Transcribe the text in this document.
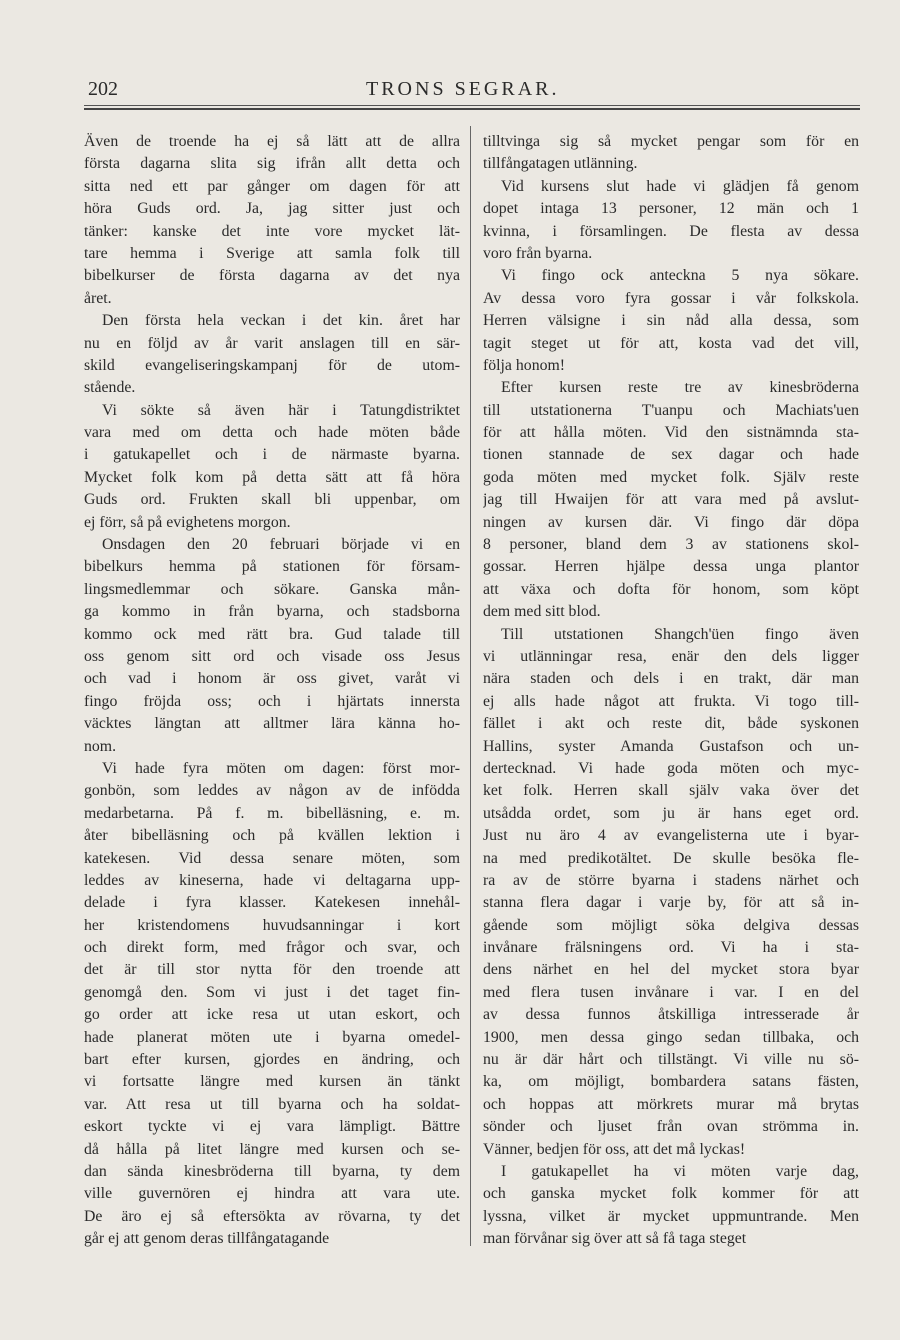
202	TRONS SEGRAR.

Även de troende ha ej så lätt att de allra
första dagarna slita sig ifrån allt detta och
sitta ned ett par gånger om dagen för att
höra Guds ord. Ja, jag sitter just och
tänker: kanske det inte vore mycket lät-
tare hemma i Sverige att samla folk till
bibelkurser de första dagarna av det nya
året.

Den första hela veckan i det kin. året har
nu en följd av år varit anslagen till en sär-
skild evangeliseringskampanj för de utom-
stående.

Vi sökte så även här i Tatungdistriktet
vara med om detta och hade möten både
i gatukapellet och i de närmaste byarna.
Mycket folk kom på detta sätt att få höra
Guds ord. Frukten skall bli uppenbar, om
ej förr, så på evighetens morgon.

Onsdagen den 20 februari började vi en
bibelkurs hemma på stationen för försam-
lingsmedlemmar och sökare. Ganska mån-
ga kommo in från byarna, och stadsborna
kommo ock med rätt bra. Gud talade till
oss genom sitt ord och visade oss Jesus
och vad i honom är oss givet, varåt vi
fingo fröjda oss; och i hjärtats innersta
väcktes längtan att alltmer lära känna ho-
nom.

Vi hade fyra möten om dagen: först mor-
gonbön, som leddes av någon av de infödda
medarbetarna. På f. m. bibelläsning, e. m.
åter bibelläsning och på kvällen lektion i
katekesen. Vid dessa senare möten, som
leddes av kineserna, hade vi deltagarna upp-
delade i fyra klasser. Katekesen innehål-
her kristendomens huvudsanningar i kort
och direkt form, med frågor och svar, och
det är till stor nytta för den troende att
genomgå den. Som vi just i det taget fin-
go order att icke resa ut utan eskort, och
hade planerat möten ute i byarna omedel-
bart efter kursen, gjordes en ändring, och
vi fortsatte längre med kursen än tänkt
var. Att resa ut till byarna och ha soldat-
eskort tyckte vi ej vara lämpligt. Bättre
då hålla på litet längre med kursen och se-
dan sända kinesbröderna till byarna, ty dem
ville guvernören ej hindra att vara ute.
De äro ej så eftersökta av rövarna, ty det
går ej att genom deras tillfångatagande

tilltvinga sig så mycket pengar som för en
tillfångatagen utlänning.

Vid kursens slut hade vi glädjen få genom
dopet intaga 13 personer, 12 män och 1
kvinna, i församlingen. De flesta av dessa
voro från byarna.

Vi fingo ock anteckna 5 nya sökare.
Av dessa voro fyra gossar i vår folkskola.
Herren välsigne i sin nåd alla dessa, som
tagit steget ut för att, kosta vad det vill,
följa honom!

Efter kursen reste tre av kinesbröderna
till utstationerna T'uanpu och Machiats'uen
för att hålla möten. Vid den sistnämnda sta-
tionen stannade de sex dagar och hade
goda möten med mycket folk. Själv reste
jag till Hwaijen för att vara med på avslut-
ningen av kursen där. Vi fingo där döpa
8 personer, bland dem 3 av stationens skol-
gossar. Herren hjälpe dessa unga plantor
att växa och dofta för honom, som köpt
dem med sitt blod.

Till utstationen Shangch'üen fingo även
vi utlänningar resa, enär den dels ligger
nära staden och dels i en trakt, där man
ej alls hade något att frukta. Vi togo till-
fället i akt och reste dit, både syskonen
Hallins, syster Amanda Gustafson och un-
dertecknad. Vi hade goda möten och myc-
ket folk. Herren skall själv vaka över det
utsådda ordet, som ju är hans eget ord.
Just nu äro 4 av evangelisterna ute i byar-
na med predikotältet. De skulle besöka fle-
ra av de större byarna i stadens närhet och
stanna flera dagar i varje by, för att så in-
gående som möjligt söka delgiva dessas
invånare frälsningens ord. Vi ha i sta-
dens närhet en hel del mycket stora byar
med flera tusen invånare i var. I en del
av dessa funnos åtskilliga intresserade år
1900, men dessa gingo sedan tillbaka, och
nu är där hårt och tillstängt. Vi ville nu sö-
ka, om möjligt, bombardera satans fästen,
och hoppas att mörkrets murar må brytas
sönder och ljuset från ovan strömma in.
Vänner, bedjen för oss, att det må lyckas!

I gatukapellet ha vi möten varje dag,
och ganska mycket folk kommer för att
lyssna, vilket är mycket uppmuntrande. Men
man förvånar sig över att så få taga steget
